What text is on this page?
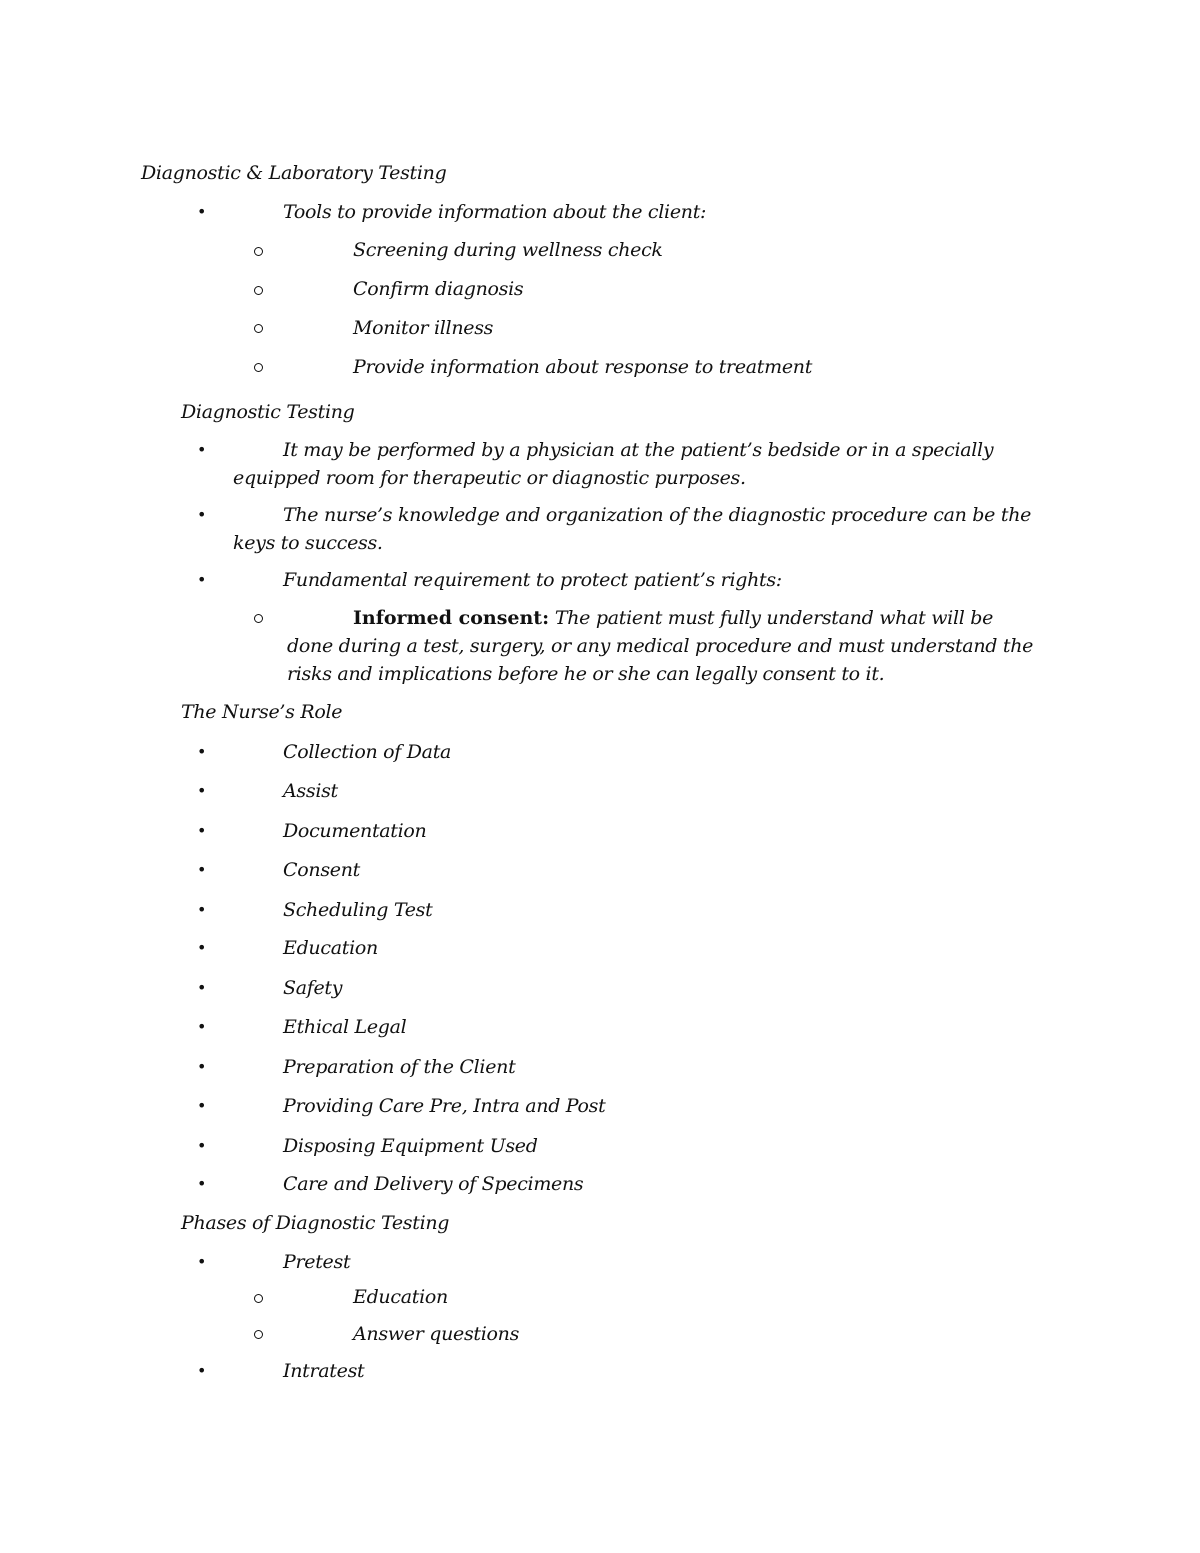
Diagnostic & Laboratory Testing
•	Tools to provide information about the client:
Screening during wellness check
Confirm diagnosis
Monitor illness
Provide information about response to treatment
Diagnostic Testing
•	It may be performed by a physician at the patient’s bedside or in a specially
equipped room for therapeutic or diagnostic purposes.
•	The nurse’s knowledge and organization of the diagnostic procedure can be the
keys to success.
•	Fundamental requirement to protect patient’s rights:
Informed consent: The patient must fully understand what will be
done during a test, surgery, or any medical procedure and must understand the
risks and implications before he or she can legally consent to it.
The Nurse’s Role
•	Collection of Data
•	Assist
•	Documentation
•	Consent
•	Scheduling Test
•	Education
•	Safety
•	Ethical Legal
•	Preparation of the Client
•	Providing Care Pre, Intra and Post
•	Disposing Equipment Used
•	Care and Delivery of Specimens
Phases of Diagnostic Testing
•	Pretest
Education
Answer questions
•	Intratest
